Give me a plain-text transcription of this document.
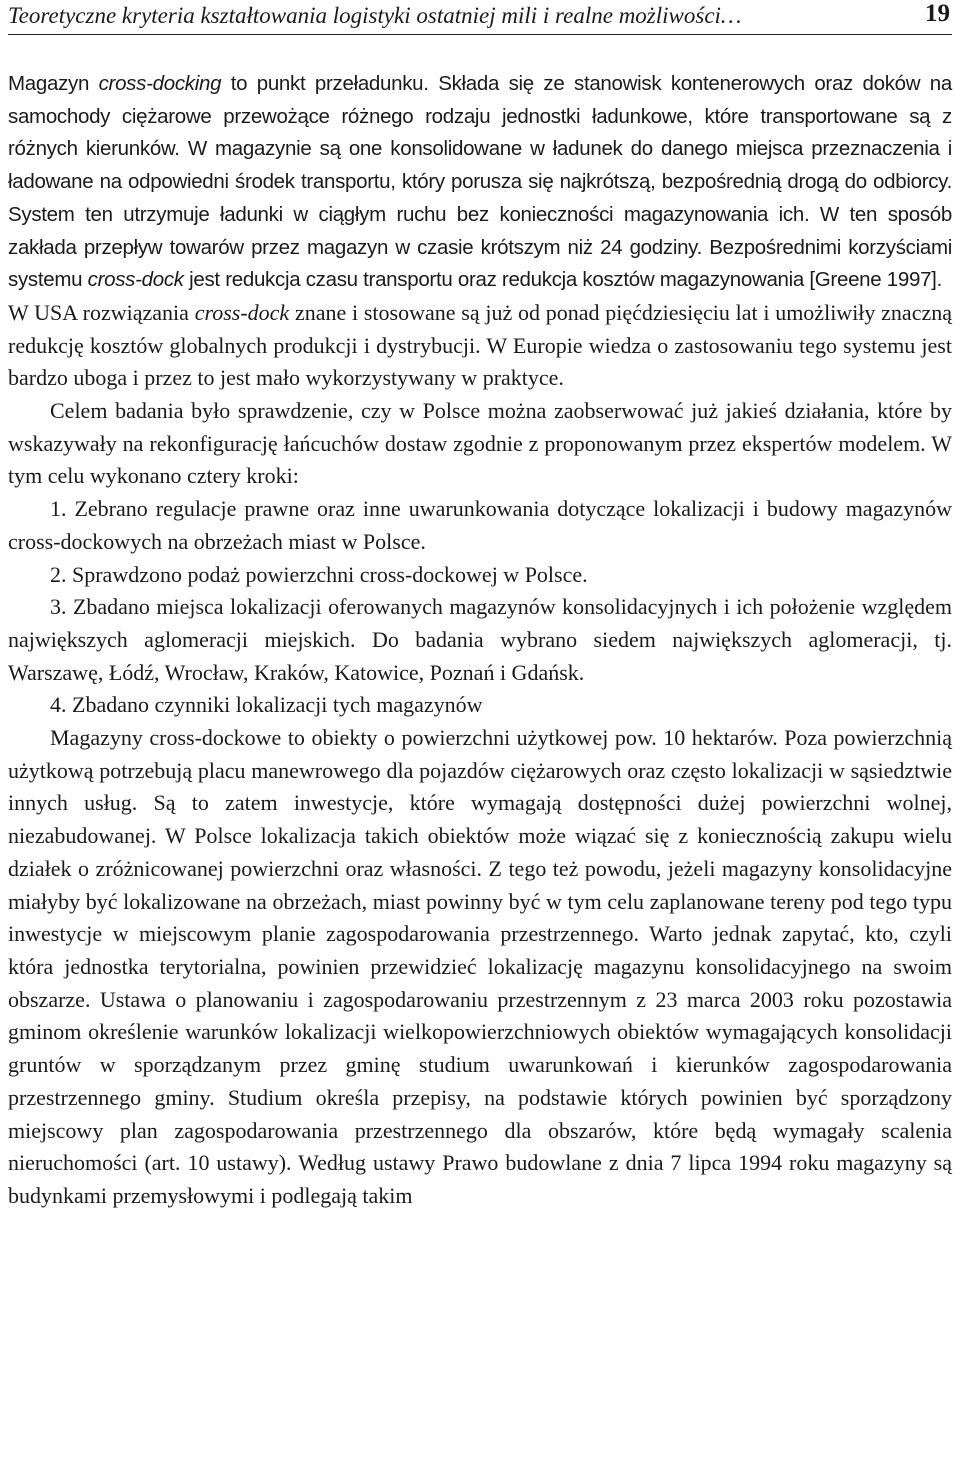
Teoretyczne kryteria kształtowania logistyki ostatniej mili i realne możliwości…	19

Magazyn cross-docking to punkt przeładunku. Składa się ze stanowisk kontenerowych oraz doków na samochody ciężarowe przewożące różnego rodzaju jednostki ładunkowe, które transportowane są z różnych kierunków. W magazynie są one konsolidowane w ładunek do danego miejsca przeznaczenia i ładowane na odpowiedni środek transportu, który porusza się najkrótszą, bezpośrednią drogą do odbiorcy. System ten utrzymuje ładunki w ciągłym ruchu bez konieczności magazynowania ich. W ten sposób zakłada przepływ towarów przez magazyn w czasie krótszym niż 24 godziny. Bezpośrednimi korzyściami systemu cross-dock jest redukcja czasu transportu oraz redukcja kosztów magazynowania [Greene 1997].

W USA rozwiązania cross-dock znane i stosowane są już od ponad pięćdziesięciu lat i umożliwiły znaczną redukcję kosztów globalnych produkcji i dystrybucji. W Europie wiedza o zastosowaniu tego systemu jest bardzo uboga i przez to jest mało wykorzystywany w praktyce.

Celem badania było sprawdzenie, czy w Polsce można zaobserwować już jakieś działania, które by wskazywały na rekonfigurację łańcuchów dostaw zgodnie z proponowanym przez ekspertów modelem. W tym celu wykonano cztery kroki:

1. Zebrano regulacje prawne oraz inne uwarunkowania dotyczące lokalizacji i budowy magazynów cross-dockowych na obrzeżach miast w Polsce.

2. Sprawdzono podaż powierzchni cross-dockowej w Polsce.

3. Zbadano miejsca lokalizacji oferowanych magazynów konsolidacyjnych i ich położenie względem największych aglomeracji miejskich. Do badania wybrano siedem największych aglomeracji, tj. Warszawę, Łódź, Wrocław, Kraków, Katowice, Poznań i Gdańsk.

4. Zbadano czynniki lokalizacji tych magazynów

Magazyny cross-dockowe to obiekty o powierzchni użytkowej pow. 10 hektarów. Poza powierzchnią użytkową potrzebują placu manewrowego dla pojazdów ciężarowych oraz często lokalizacji w sąsiedztwie innych usług. Są to zatem inwestycje, które wymagają dostępności dużej powierzchni wolnej, niezabudowanej. W Polsce lokalizacja takich obiektów może wiązać się z koniecznością zakupu wielu działek o zróżnicowanej powierzchni oraz własności. Z tego też powodu, jeżeli magazyny konsolidacyjne miałyby być lokalizowane na obrzeżach, miast powinny być w tym celu zaplanowane tereny pod tego typu inwestycje w miejscowym planie zagospodarowania przestrzennego. Warto jednak zapytać, kto, czyli która jednostka terytorialna, powinien przewidzieć lokalizację magazynu konsolidacyjnego na swoim obszarze. Ustawa o planowaniu i zagospodarowaniu przestrzennym z 23 marca 2003 roku pozostawia gminom określenie warunków lokalizacji wielkopowierzchniowych obiektów wymagających konsolidacji gruntów w sporządzanym przez gminę studium uwarunkowań i kierunków zagospodarowania przestrzennego gminy. Studium określa przepisy, na podstawie których powinien być sporządzony miejscowy plan zagospodarowania przestrzennego dla obszarów, które będą wymagały scalenia nieruchomości (art. 10 ustawy). Według ustawy Prawo budowlane z dnia 7 lipca 1994 roku magazyny są budynkami przemysłowymi i podlegają takim
